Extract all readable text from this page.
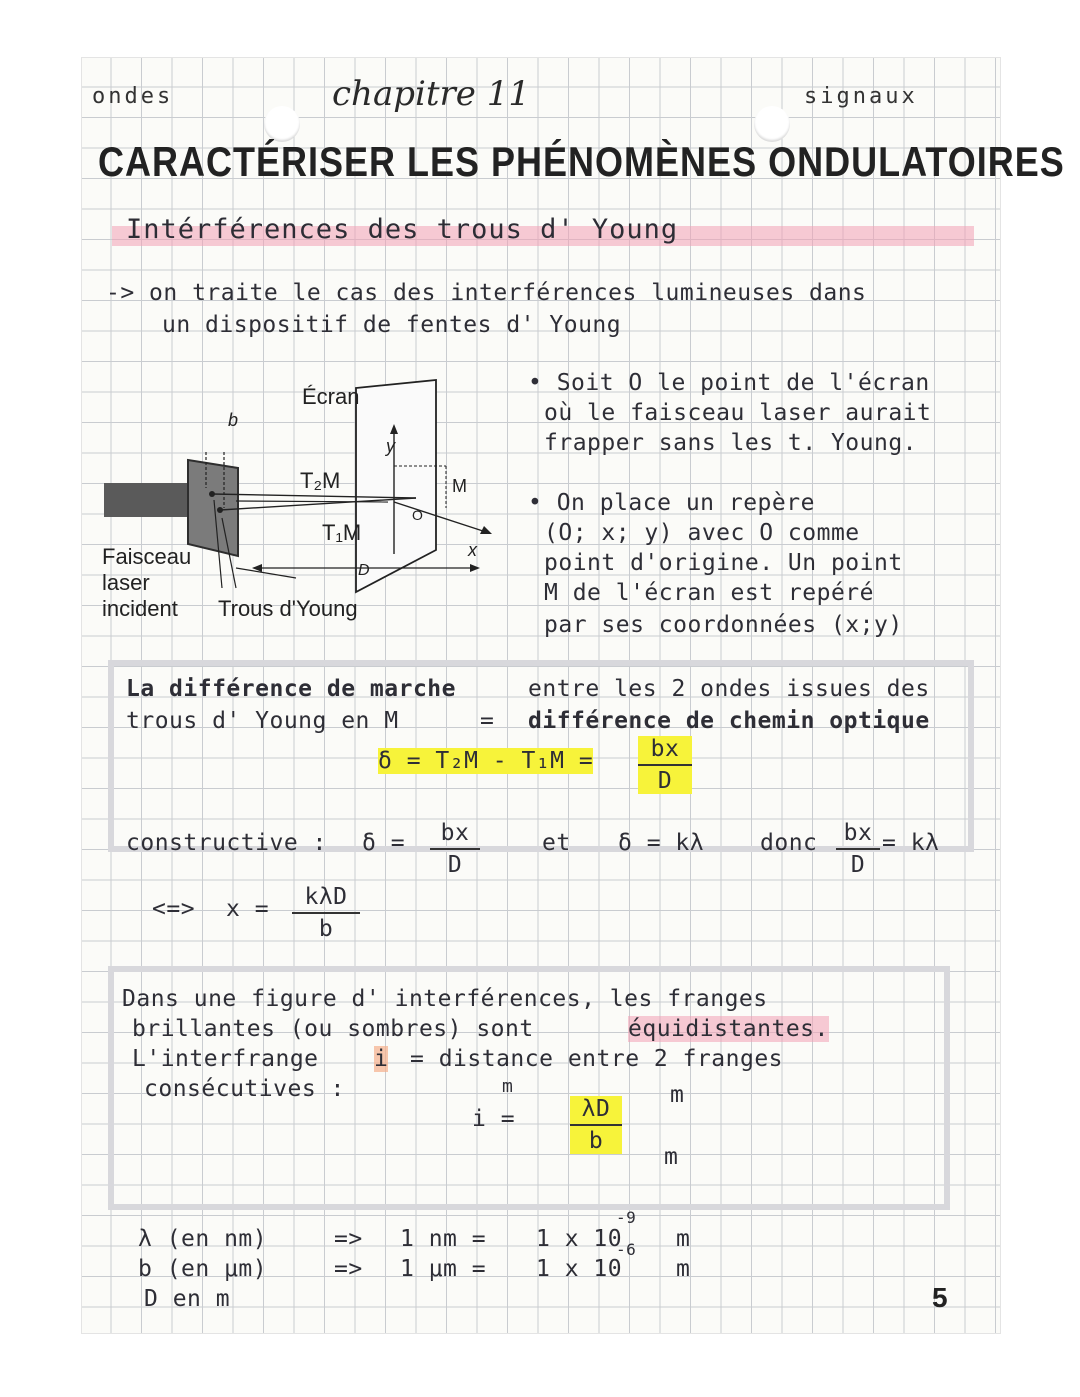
ondes	chapitre 11	signaux
CARACTÉRISER LES PHÉNOMÈNES ONDULATOIRES
Intérférences des trous d' Young
-> on traite le cas des interférences lumineuses dans
un dispositif de fentes d' Young
Écran
b
y
O
M
x
T₂M
T₁M
D
Faisceau
laser
incident Trous d'Young
• Soit O le point de l'écran
où le faisceau laser aurait
frapper sans les t. Young.
• On place un repère
(O; x; y) avec O comme
point d'origine. Un point
M de l'écran est repéré
par ses coordonnées (x;y)
La différence de marche	entre les 2 ondes issues des
trous d' Young en M	= différence de chemin optique
δ = T₂M - T₁M =	bx
D
constructive : δ =	bx
D
et δ = kλ donc	bx
D
= kλ
<=> x =	kλD
b
Dans une figure d' interférences, les franges
brillantes (ou sombres) sont	équidistantes.
L'interfrange i = distance entre 2 franges
consécutives :	m
i =	λD
b
m
m
λ (en nm)	=> 1 nm = 1 x 10
-9
m
b (en μm)	=> 1 μm = 1 x 10
-6
m
D en m	5
